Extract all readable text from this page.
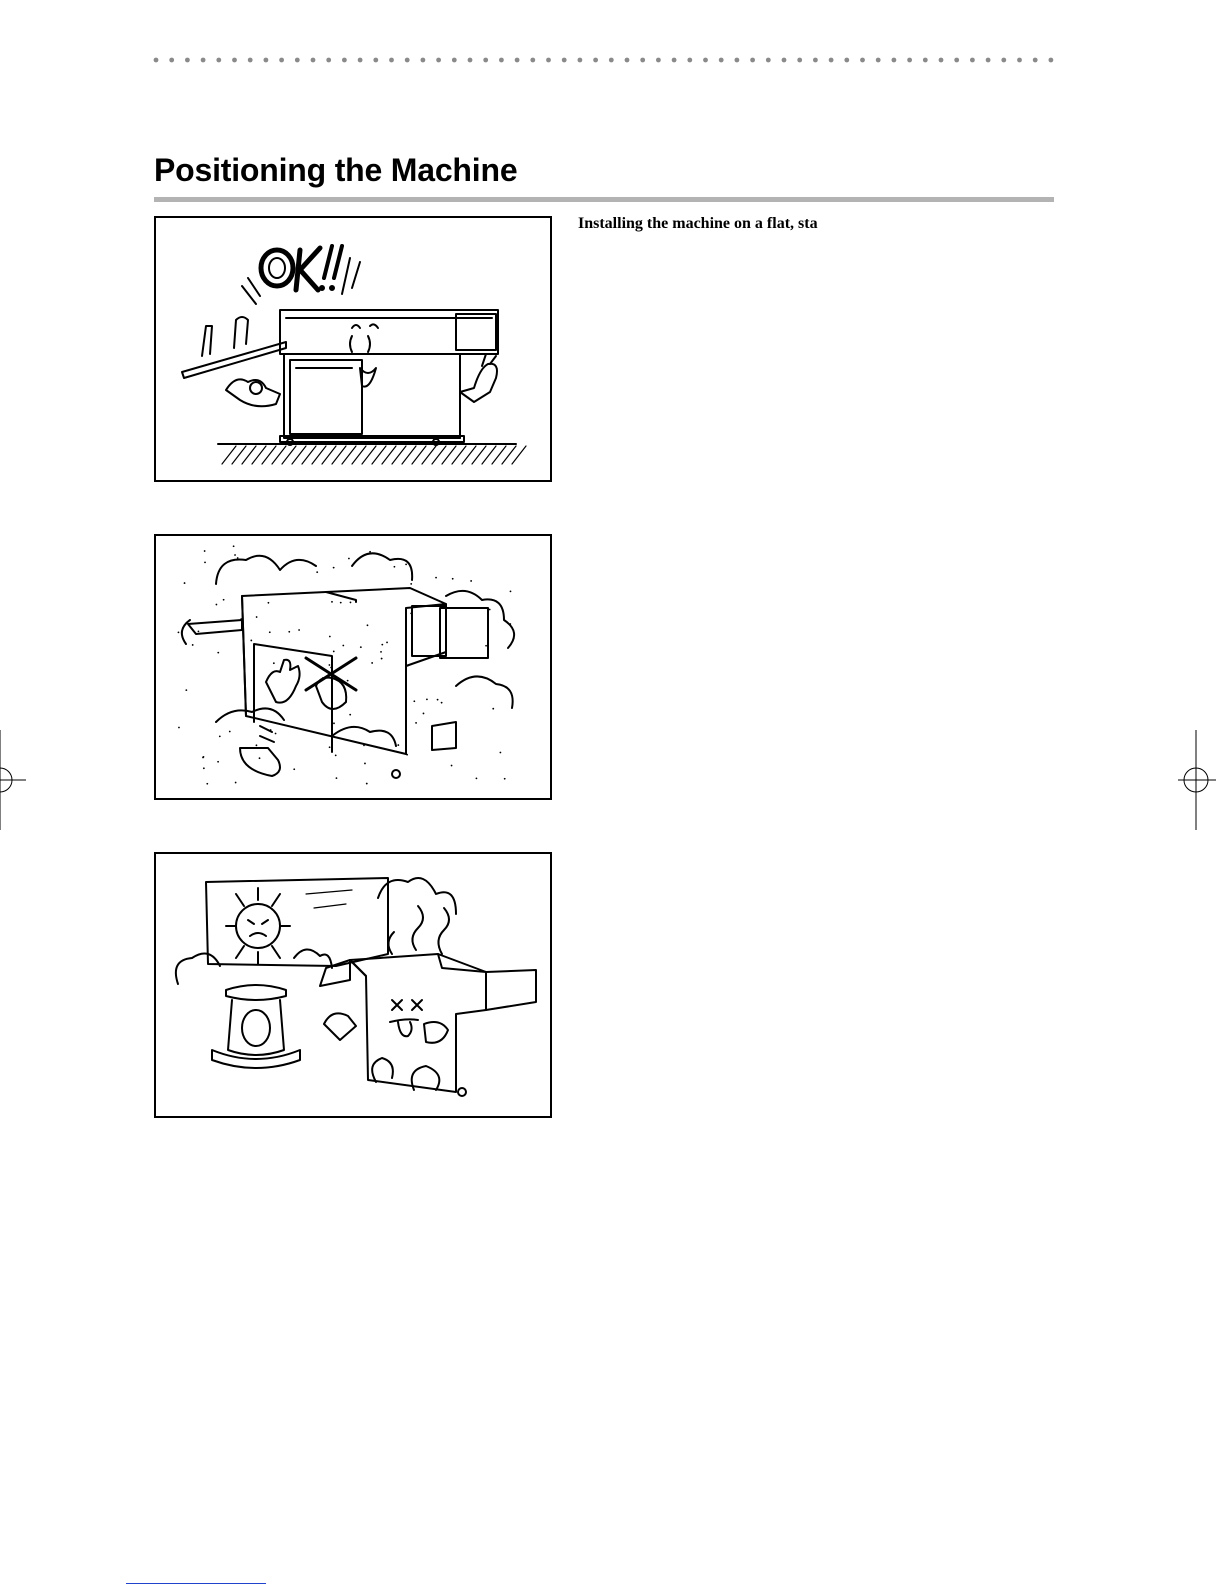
Positioning the Machine

Installing the machine on a flat, sta
